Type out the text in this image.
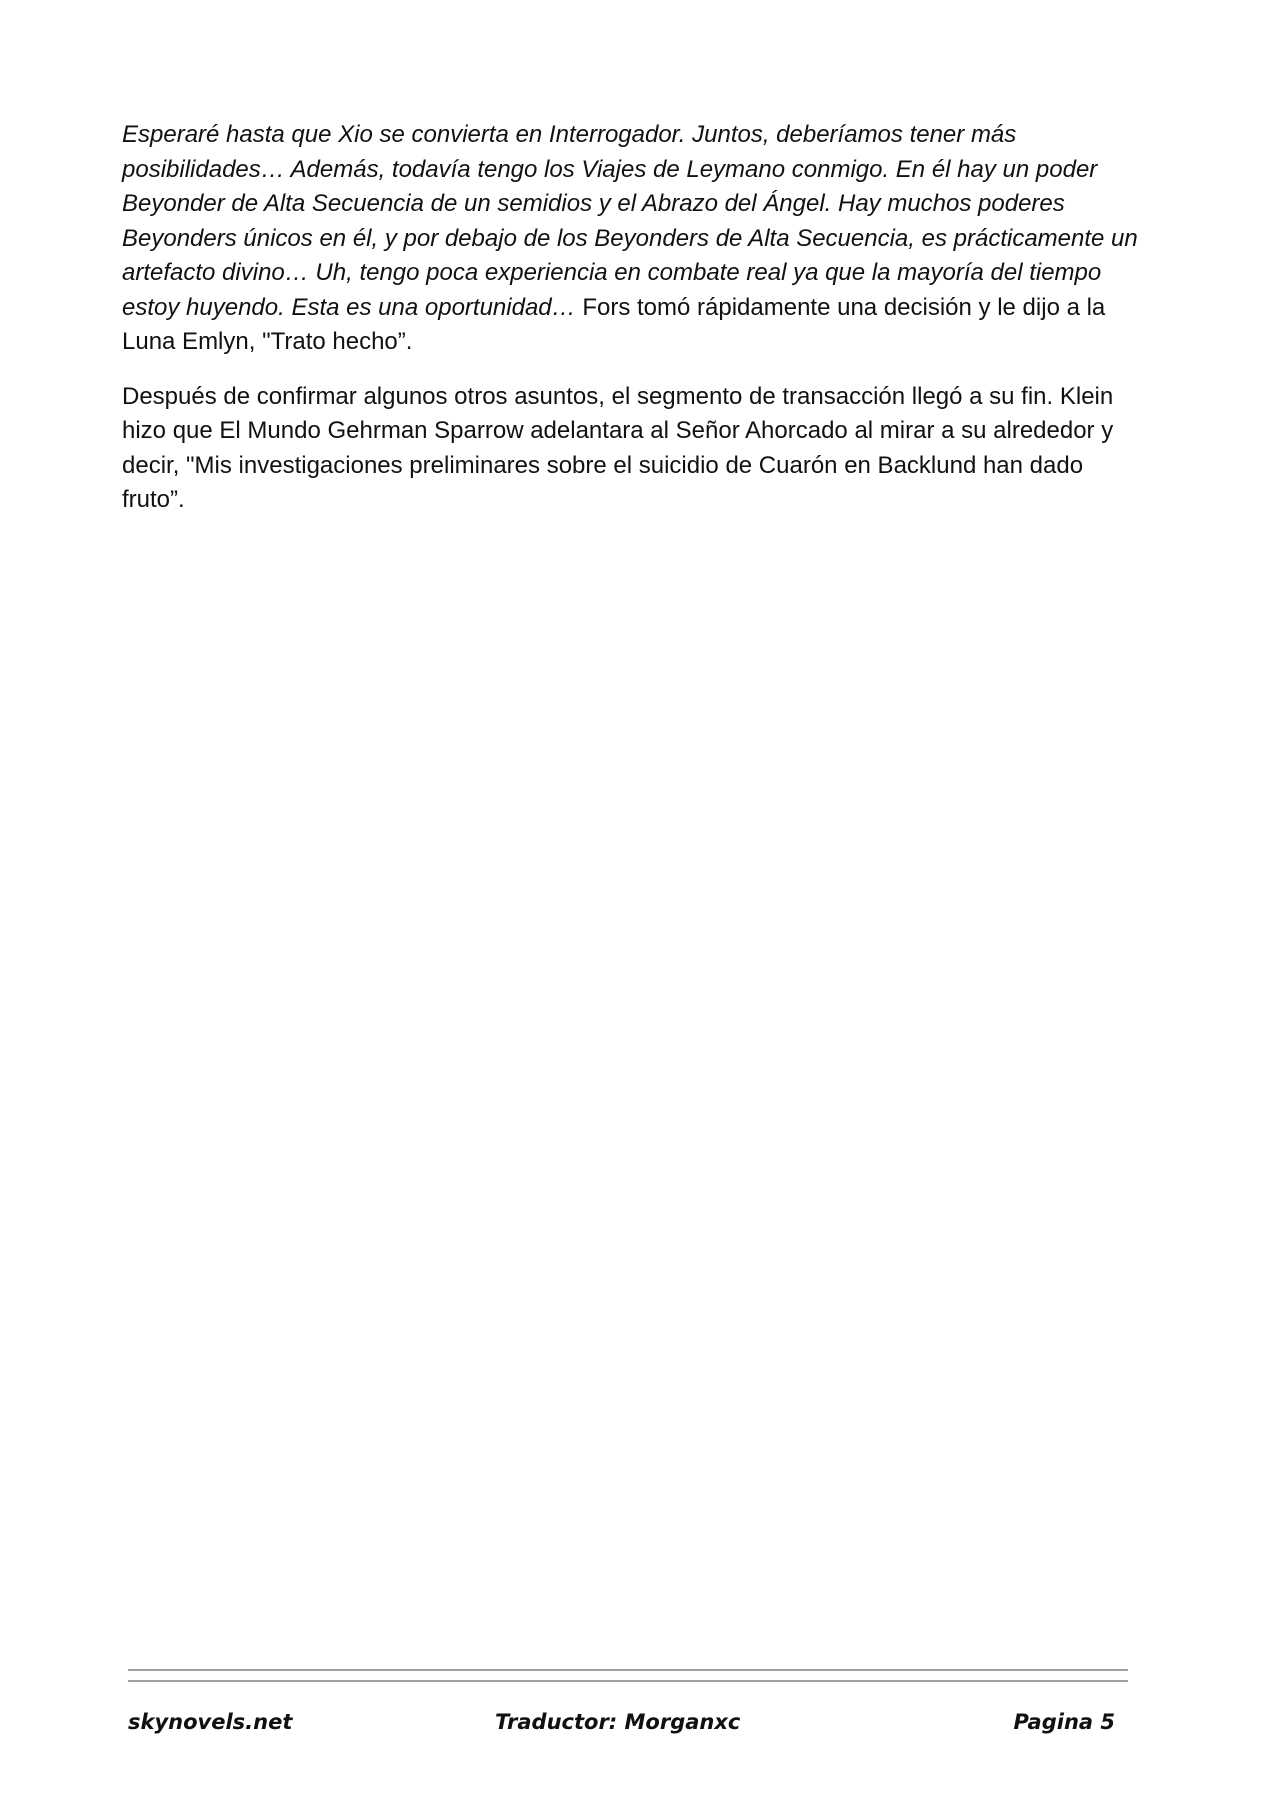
Esperaré hasta que Xio se convierta en Interrogador. Juntos, deberíamos tener más posibilidades… Además, todavía tengo los Viajes de Leymano conmigo. En él hay un poder Beyonder de Alta Secuencia de un semidios y el Abrazo del Ángel. Hay muchos poderes Beyonders únicos en él, y por debajo de los Beyonders de Alta Secuencia, es prácticamente un artefacto divino… Uh, tengo poca experiencia en combate real ya que la mayoría del tiempo estoy huyendo. Esta es una oportunidad… Fors tomó rápidamente una decisión y le dijo a la Luna Emlyn, "Trato hecho”.

Después de confirmar algunos otros asuntos, el segmento de transacción llegó a su fin. Klein hizo que El Mundo Gehrman Sparrow adelantara al Señor Ahorcado al mirar a su alrededor y decir, "Mis investigaciones preliminares sobre el suicidio de Cuarón en Backlund han dado fruto”.

skynovels.net	Traductor: Morganxc	Pagina 5
